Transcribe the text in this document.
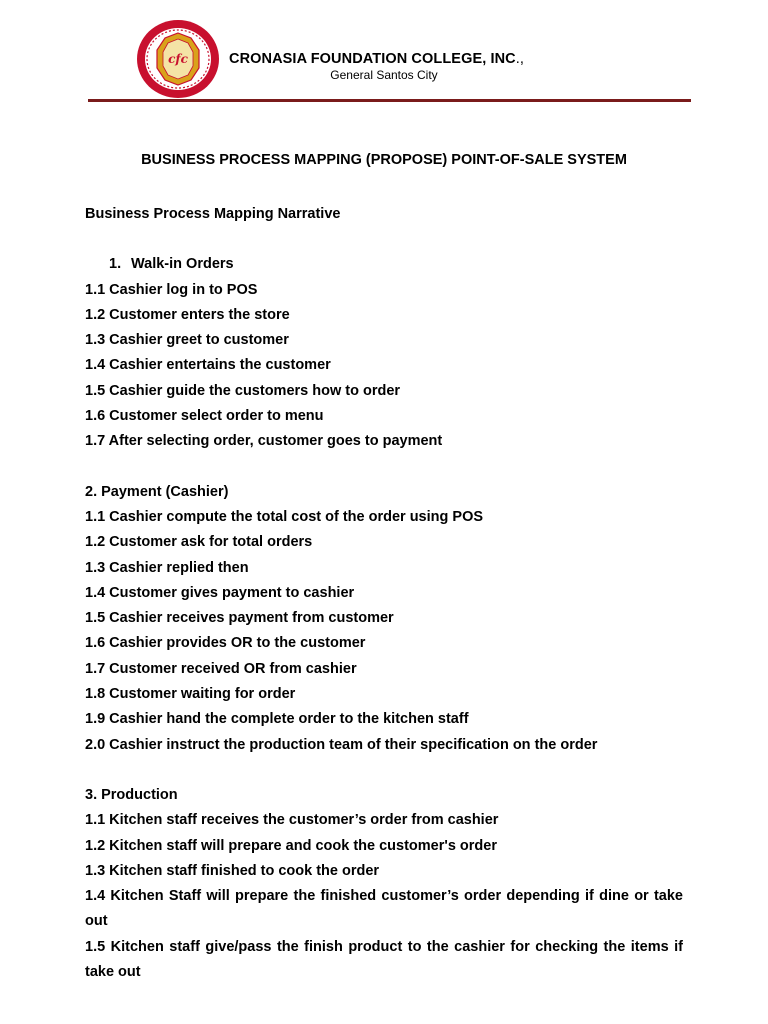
cfc	CRONASIA FOUNDATION COLLEGE, INC.,
General Santos City
BUSINESS PROCESS MAPPING (PROPOSE) POINT-OF-SALE SYSTEM

Business Process Mapping Narrative

1. Walk-in Orders

1.1 Cashier log in to POS

1.2 Customer enters the store

1.3 Cashier greet to customer

1.4 Cashier entertains the customer

1.5 Cashier guide the customers how to order

1.6 Customer select order to menu

1.7 After selecting order, customer goes to payment

2. Payment (Cashier)

1.1 Cashier compute the total cost of the order using POS

1.2 Customer ask for total orders

1.3 Cashier replied then

1.4 Customer gives payment to cashier

1.5 Cashier receives payment from customer

1.6 Cashier provides OR to the customer

1.7 Customer received OR from cashier

1.8 Customer waiting for order

1.9 Cashier hand the complete order to the kitchen staff

2.0 Cashier instruct the production team of their specification on the order

3. Production

1.1 Kitchen staff receives the customer’s order from cashier

1.2 Kitchen staff will prepare and cook the customer's order

1.3 Kitchen staff finished to cook the order

1.4 Kitchen Staff will prepare the finished customer’s order depending if dine or take out

1.5 Kitchen staff give/pass the finish product to the cashier for checking the items if take out
